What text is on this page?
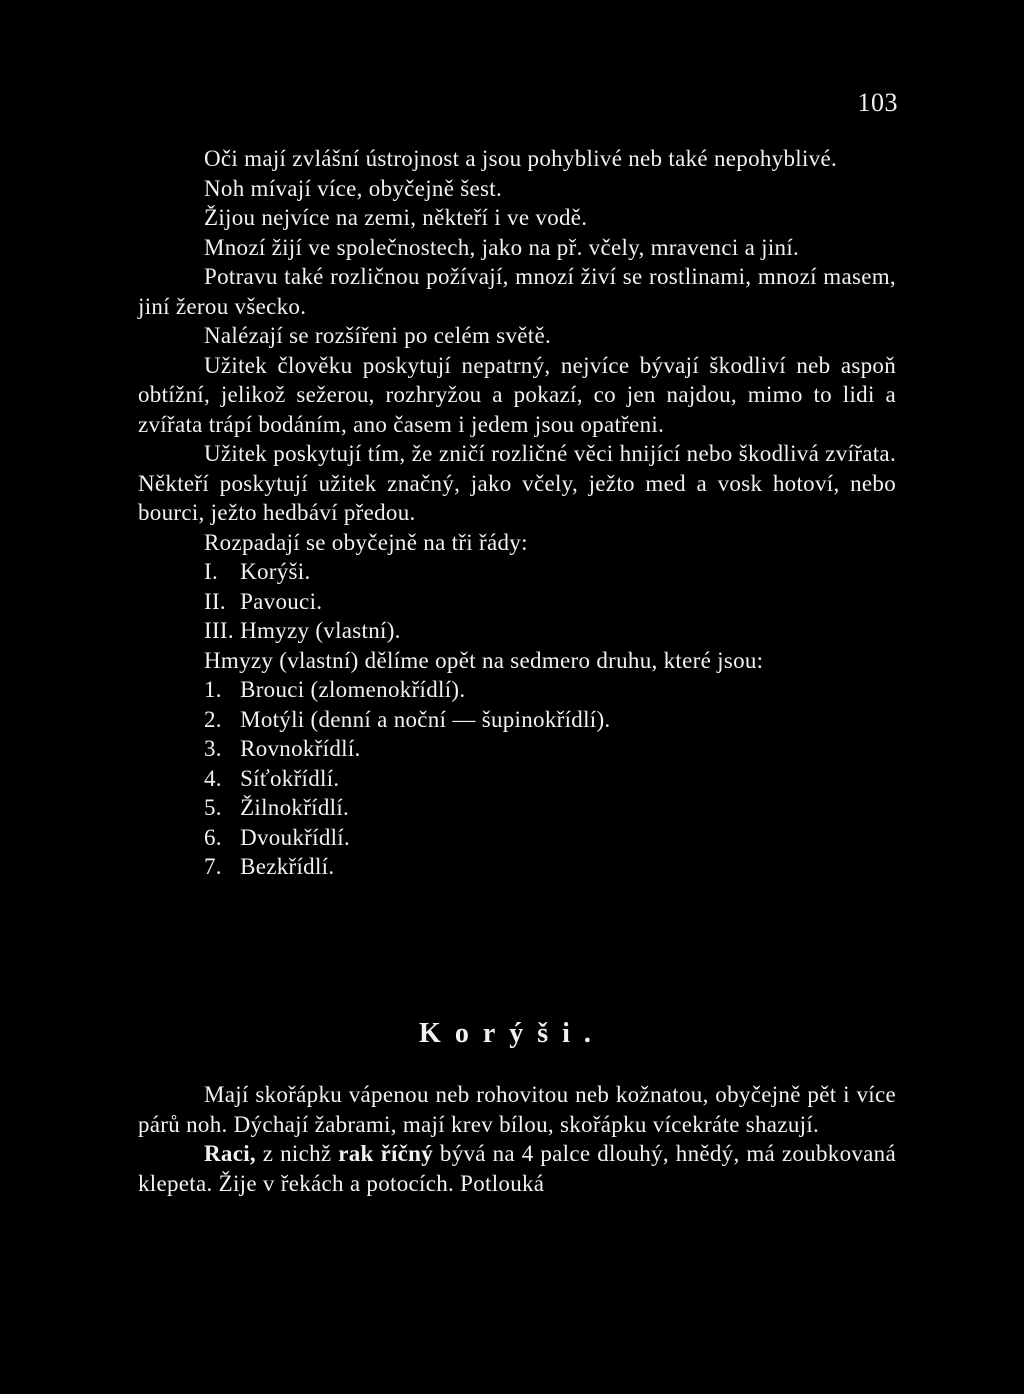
103

Oči mají zvlášní ústrojnost a jsou pohyblivé neb také nepohyblivé.

Noh mívají více, obyčejně šest.

Žijou nejvíce na zemi, někteří i ve vodě.

Mnozí žijí ve společnostech, jako na př. včely, mravenci a jiní.

Potravu také rozličnou požívají, mnozí živí se rostlinami, mnozí masem, jiní žerou všecko.

Nalézají se rozšířeni po celém světě.

Užitek člověku poskytují nepatrný, nejvíce bývají škodliví neb aspoň obtížní, jelikož sežerou, rozhryžou a pokazí, co jen najdou, mimo to lidi a zvířata trápí bodáním, ano časem i jedem jsou opatřeni.

Užitek poskytují tím, že zničí rozličné věci hnijící nebo škodlivá zvířata. Někteří poskytují užitek značný, jako včely, ježto med a vosk hotoví, nebo bourci, ježto hedbáví předou.

Rozpadají se obyčejně na tři řády:

I. Korýši.
II. Pavouci.
III. Hmyzy (vlastní).

Hmyzy (vlastní) dělíme opět na sedmero druhu, které jsou:

1. Brouci (zlomenokřídlí).
2. Motýli (denní a noční — šupinokřídlí).
3. Rovnokřídlí.
4. Síťokřídlí.
5. Žilnokřídlí.
6. Dvoukřídlí.
7. Bezkřídlí.
Korýši.

Mají skořápku vápenou neb rohovitou neb kožnatou, obyčejně pět i více párů noh. Dýchají žabrami, mají krev bílou, skořápku vícekráte shazují.

Raci, z nichž rak říčný bývá na 4 palce dlouhý, hnědý, má zoubkovaná klepeta. Žije v řekách a potocích. Potlouká
